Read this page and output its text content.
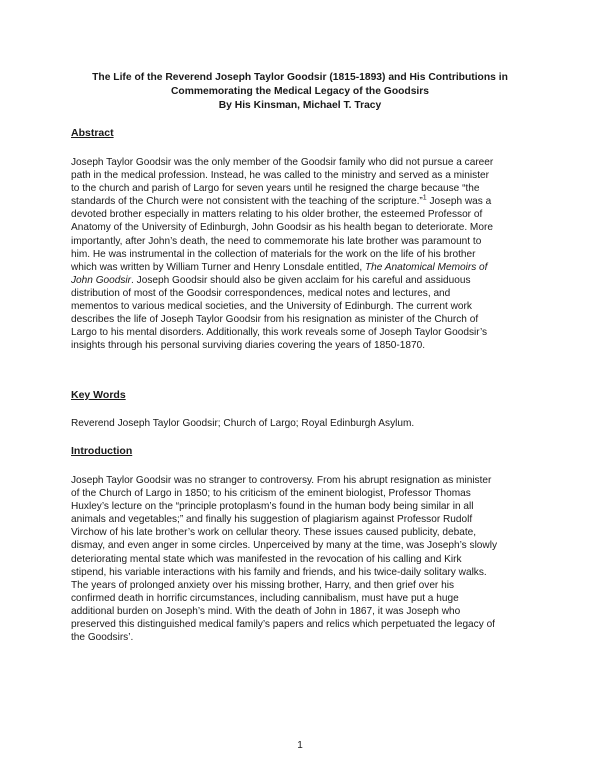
The Life of the Reverend Joseph Taylor Goodsir (1815-1893) and His Contributions in
Commemorating the Medical Legacy of the Goodsirs
By His Kinsman, Michael T. Tracy
Abstract
Joseph Taylor Goodsir was the only member of the Goodsir family who did not pursue a career
path in the medical profession. Instead, he was called to the ministry and served as a minister
to the church and parish of Largo for seven years until he resigned the charge because “the
standards of the Church were not consistent with the teaching of the scripture.”$^1$ Joseph was a
devoted brother especially in matters relating to his older brother, the esteemed Professor of
Anatomy of the University of Edinburgh, John Goodsir as his health began to deteriorate. More
importantly, after John’s death, the need to commemorate his late brother was paramount to
him. He was instrumental in the collection of materials for the work on the life of his brother
which was written by William Turner and Henry Lonsdale entitled, The Anatomical Memoirs of
John Goodsir. Joseph Goodsir should also be given acclaim for his careful and assiduous
distribution of most of the Goodsir correspondences, medical notes and lectures, and
mementos to various medical societies, and the University of Edinburgh. The current work
describes the life of Joseph Taylor Goodsir from his resignation as minister of the Church of
Largo to his mental disorders. Additionally, this work reveals some of Joseph Taylor Goodsir’s
insights through his personal surviving diaries covering the years of 1850-1870.
Key Words
Reverend Joseph Taylor Goodsir; Church of Largo; Royal Edinburgh Asylum.
Introduction
Joseph Taylor Goodsir was no stranger to controversy. From his abrupt resignation as minister
of the Church of Largo in 1850; to his criticism of the eminent biologist, Professor Thomas
Huxley’s lecture on the “principle protoplasm’s found in the human body being similar in all
animals and vegetables;” and finally his suggestion of plagiarism against Professor Rudolf
Virchow of his late brother’s work on cellular theory. These issues caused publicity, debate,
dismay, and even anger in some circles. Unperceived by many at the time, was Joseph’s slowly
deteriorating mental state which was manifested in the revocation of his calling and Kirk
stipend, his variable interactions with his family and friends, and his twice-daily solitary walks.
The years of prolonged anxiety over his missing brother, Harry, and then grief over his
confirmed death in horrific circumstances, including cannibalism, must have put a huge
additional burden on Joseph’s mind. With the death of John in 1867, it was Joseph who
preserved this distinguished medical family’s papers and relics which perpetuated the legacy of
the Goodsirs’.
1
